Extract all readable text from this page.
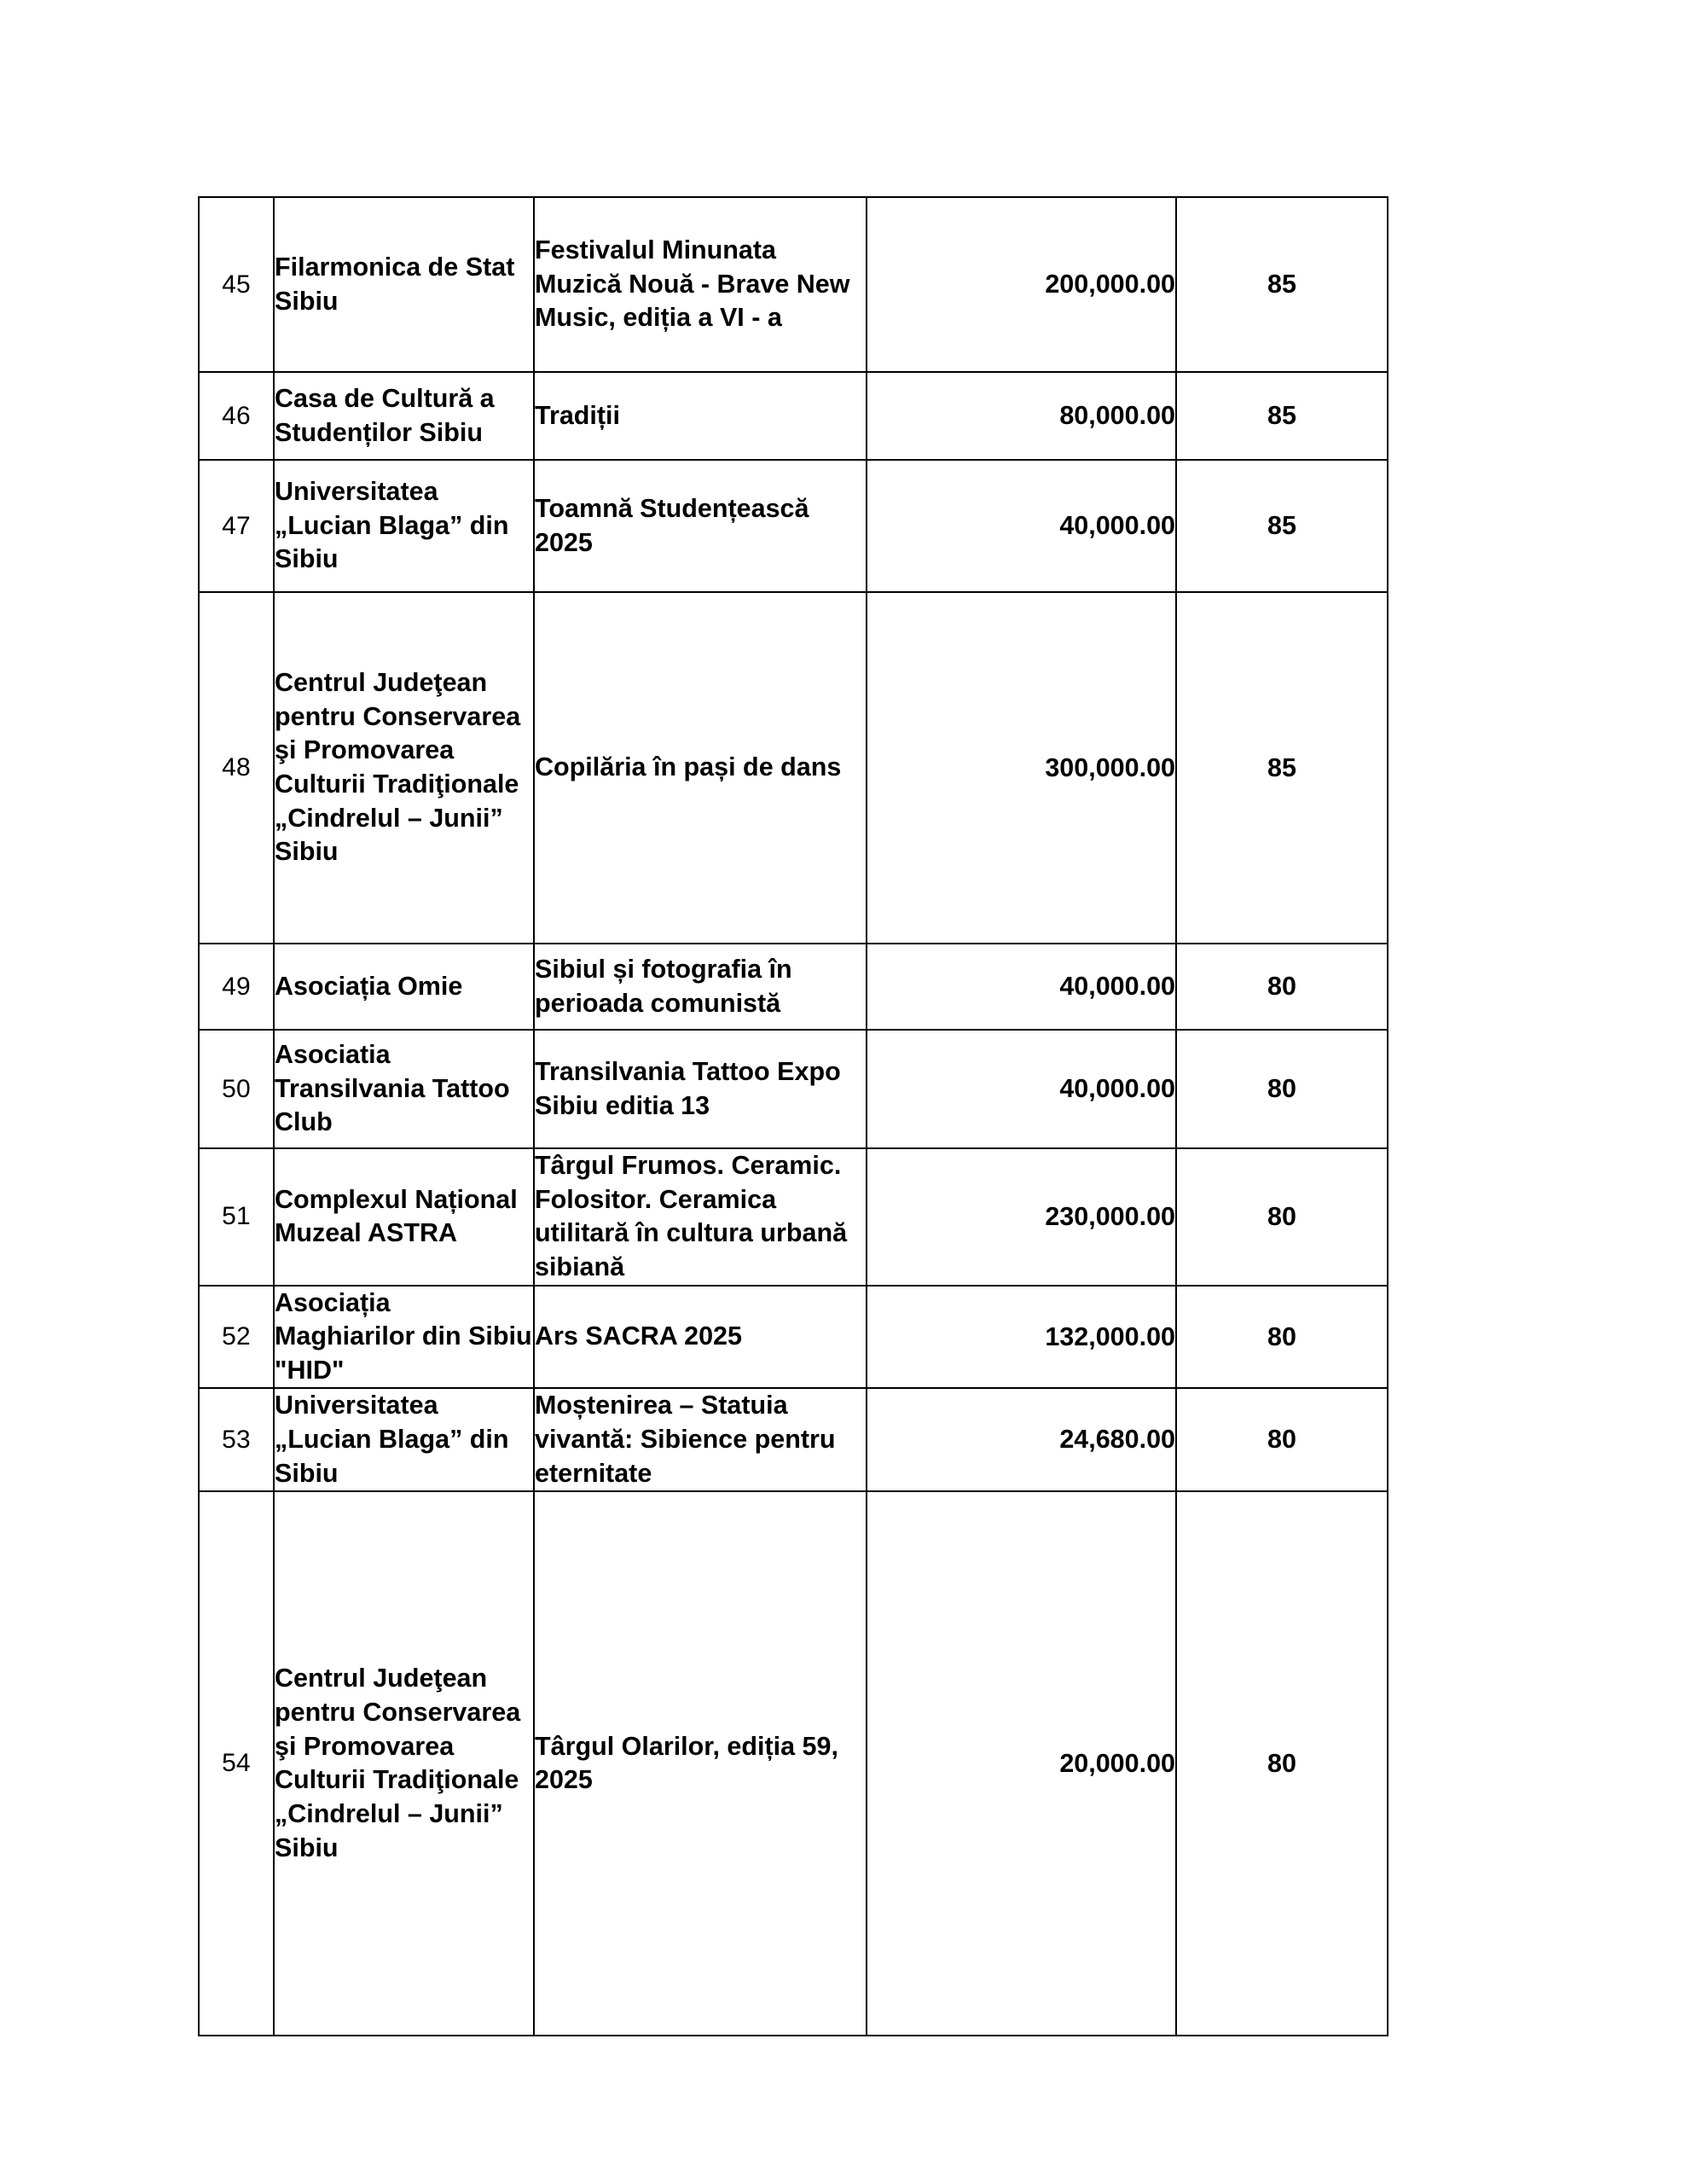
45	Filarmonica de Stat Sibiu	Festivalul Minunata Muzică Nouă - Brave New Music, ediția a VI - a	200,000.00	85
46	Casa de Cultură a Studenților Sibiu	Tradiții	80,000.00	85
47	Universitatea „Lucian Blaga” din Sibiu	Toamnă Studențească 2025	40,000.00	85
48	Centrul Judeţean pentru Conservarea şi Promovarea Culturii Tradiţionale „Cindrelul – Junii” Sibiu	Copilăria în pași de dans	300,000.00	85
49	Asociația Omie	Sibiul și fotografia în perioada comunistă	40,000.00	80
50	Asociatia Transilvania Tattoo Club	Transilvania Tattoo Expo Sibiu editia 13	40,000.00	80
51	Complexul Național Muzeal ASTRA	Târgul Frumos. Ceramic. Folositor. Ceramica utilitară în cultura urbană sibiană	230,000.00	80
52	Asociația Maghiarilor din Sibiu "HID"	Ars SACRA 2025	132,000.00	80
53	Universitatea „Lucian Blaga” din Sibiu	Moștenirea – Statuia vivantă: Sibience pentru eternitate	24,680.00	80
54	Centrul Judeţean pentru Conservarea şi Promovarea Culturii Tradiţionale „Cindrelul – Junii” Sibiu	Târgul Olarilor, ediția 59, 2025	20,000.00	80
